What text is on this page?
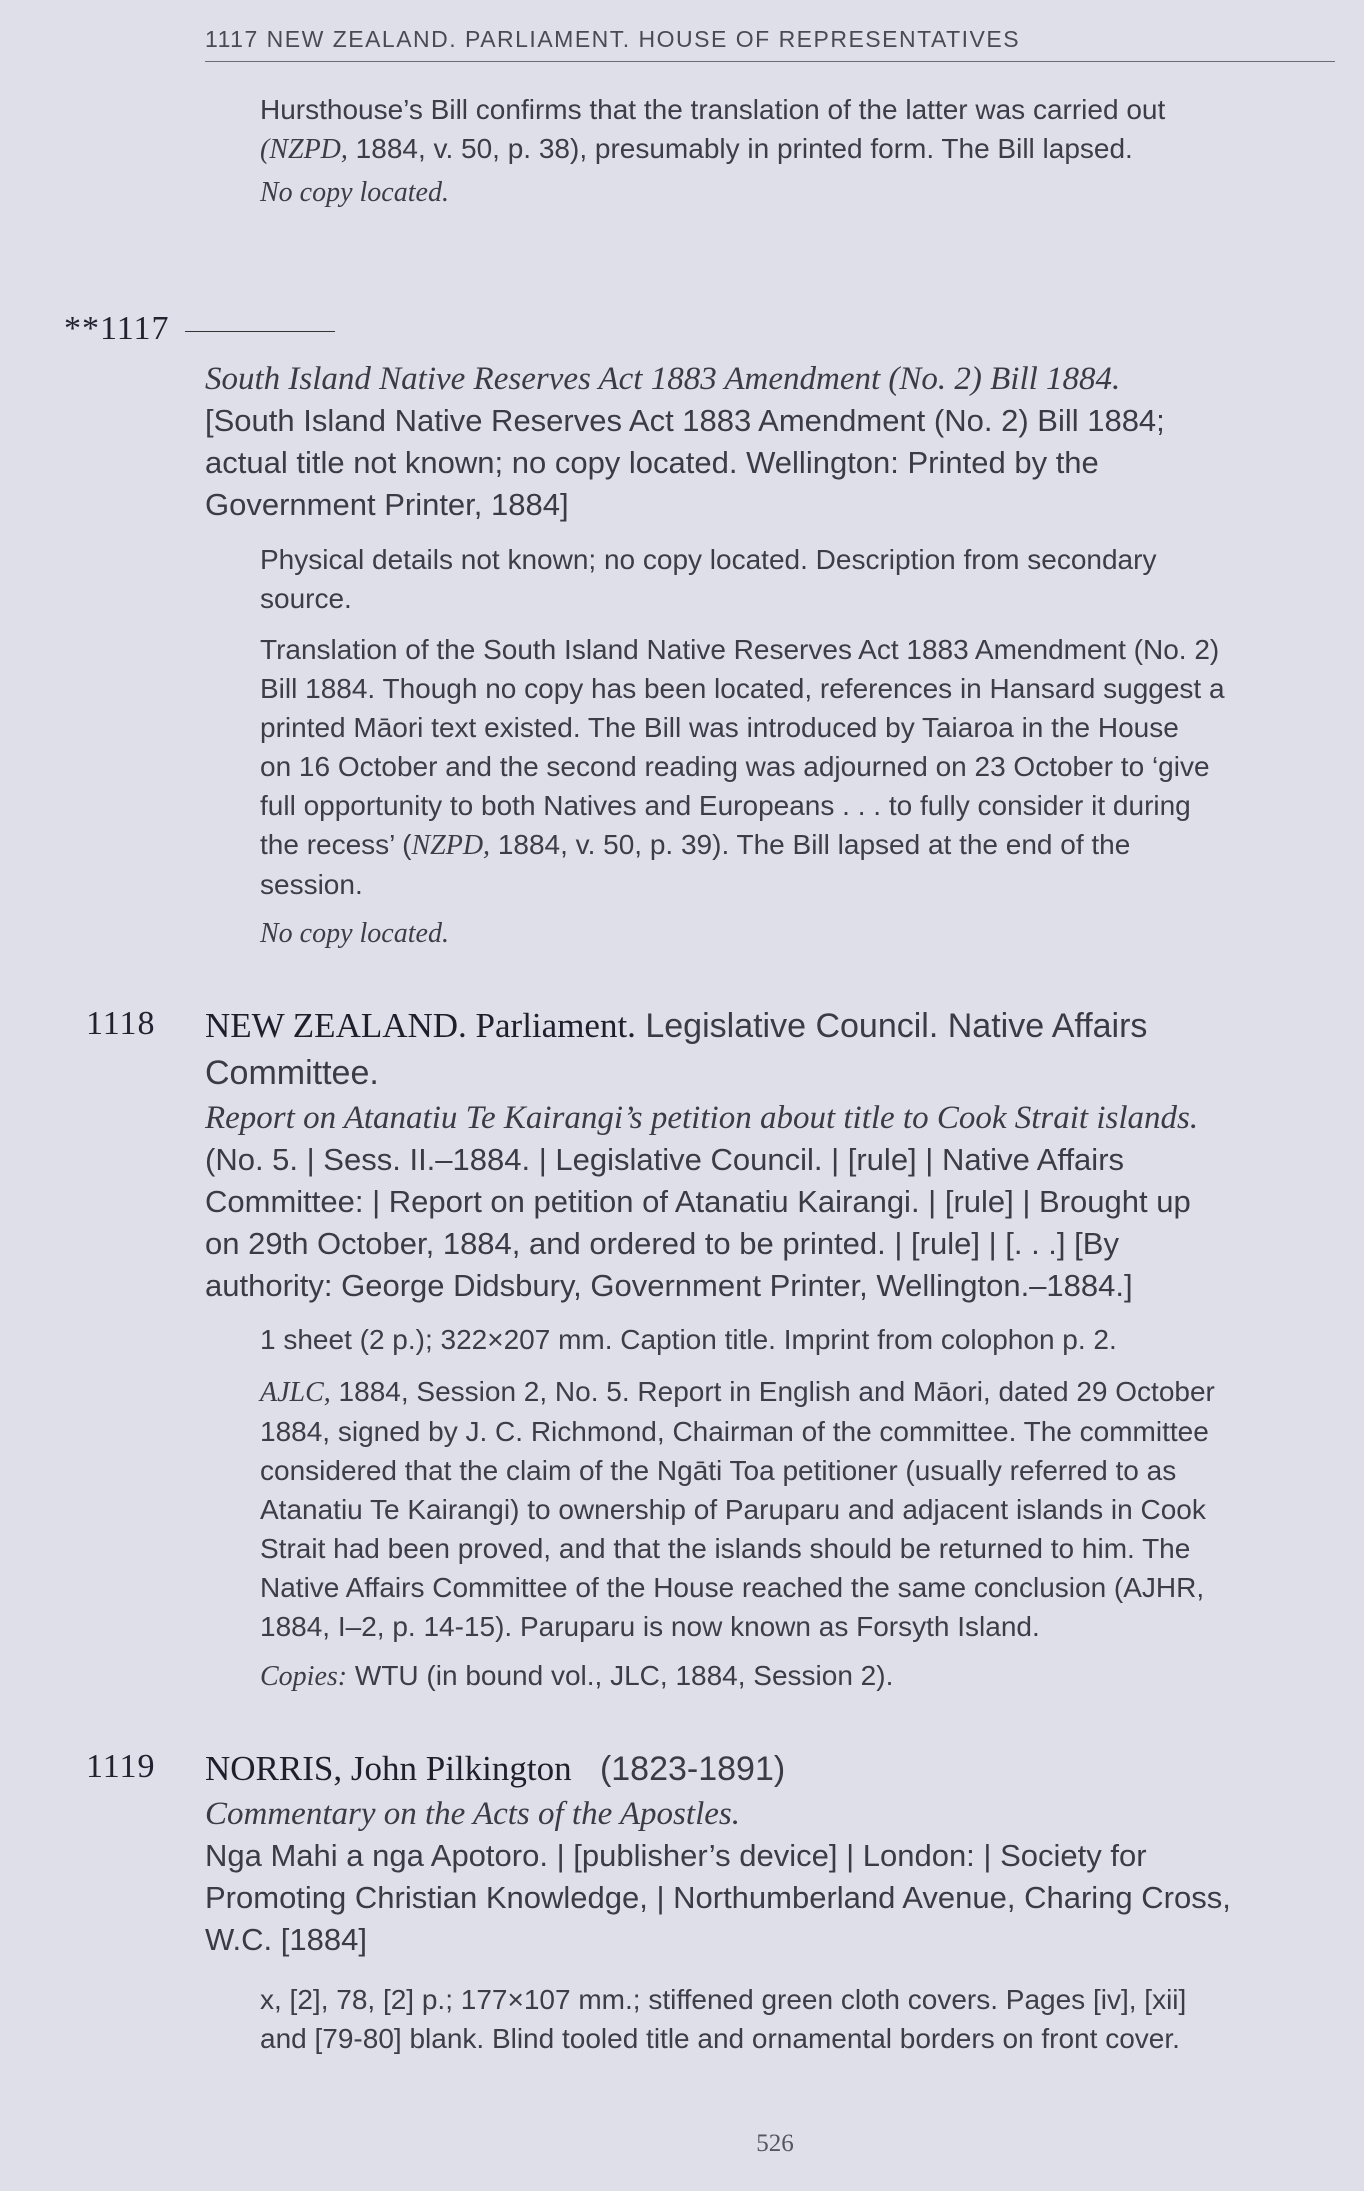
1117 NEW ZEALAND. PARLIAMENT. HOUSE OF REPRESENTATIVES

Hursthouse’s Bill confirms that the translation of the latter was carried out

(NZPD, 1884, v. 50, p. 38), presumably in printed form. The Bill lapsed.

No copy located.

**1117

South Island Native Reserves Act 1883 Amendment (No. 2) Bill 1884.

[South Island Native Reserves Act 1883 Amendment (No. 2) Bill 1884;

actual title not known; no copy located. Wellington: Printed by the

Government Printer, 1884]

Physical details not known; no copy located. Description from secondary

source.

Translation of the South Island Native Reserves Act 1883 Amendment (No. 2)

Bill 1884. Though no copy has been located, references in Hansard suggest a

printed Māori text existed. The Bill was introduced by Taiaroa in the House

on 16 October and the second reading was adjourned on 23 October to ‘give

full opportunity to both Natives and Europeans . . . to fully consider it during

the recess’ (NZPD, 1884, v. 50, p. 39). The Bill lapsed at the end of the

session.

No copy located.

1118 NEW ZEALAND. Parliament. Legislative Council. Native Affairs

Committee.

Report on Atanatiu Te Kairangi’s petition about title to Cook Strait islands.

(No. 5. | Sess. II.–1884. | Legislative Council. | [rule] | Native Affairs

Committee: | Report on petition of Atanatiu Kairangi. | [rule] | Brought up

on 29th October, 1884, and ordered to be printed. | [rule] | [. . .] [By

authority: George Didsbury, Government Printer, Wellington.–1884.]

1 sheet (2 p.); 322×207 mm. Caption title. Imprint from colophon p. 2.

AJLC, 1884, Session 2, No. 5. Report in English and Māori, dated 29 October

1884, signed by J. C. Richmond, Chairman of the committee. The committee

considered that the claim of the Ngāti Toa petitioner (usually referred to as

Atanatiu Te Kairangi) to ownership of Paruparu and adjacent islands in Cook

Strait had been proved, and that the islands should be returned to him. The

Native Affairs Committee of the House reached the same conclusion (AJHR,

1884, I–2, p. 14-15). Paruparu is now known as Forsyth Island.

Copies: WTU (in bound vol., JLC, 1884, Session 2).

1119 NORRIS, John Pilkington (1823-1891)

Commentary on the Acts of the Apostles.

Nga Mahi a nga Apotoro. | [publisher’s device] | London: | Society for

Promoting Christian Knowledge, | Northumberland Avenue, Charing Cross,

W.C. [1884]

x, [2], 78, [2] p.; 177×107 mm.; stiffened green cloth covers. Pages [iv], [xii]

and [79-80] blank. Blind tooled title and ornamental borders on front cover.

526
